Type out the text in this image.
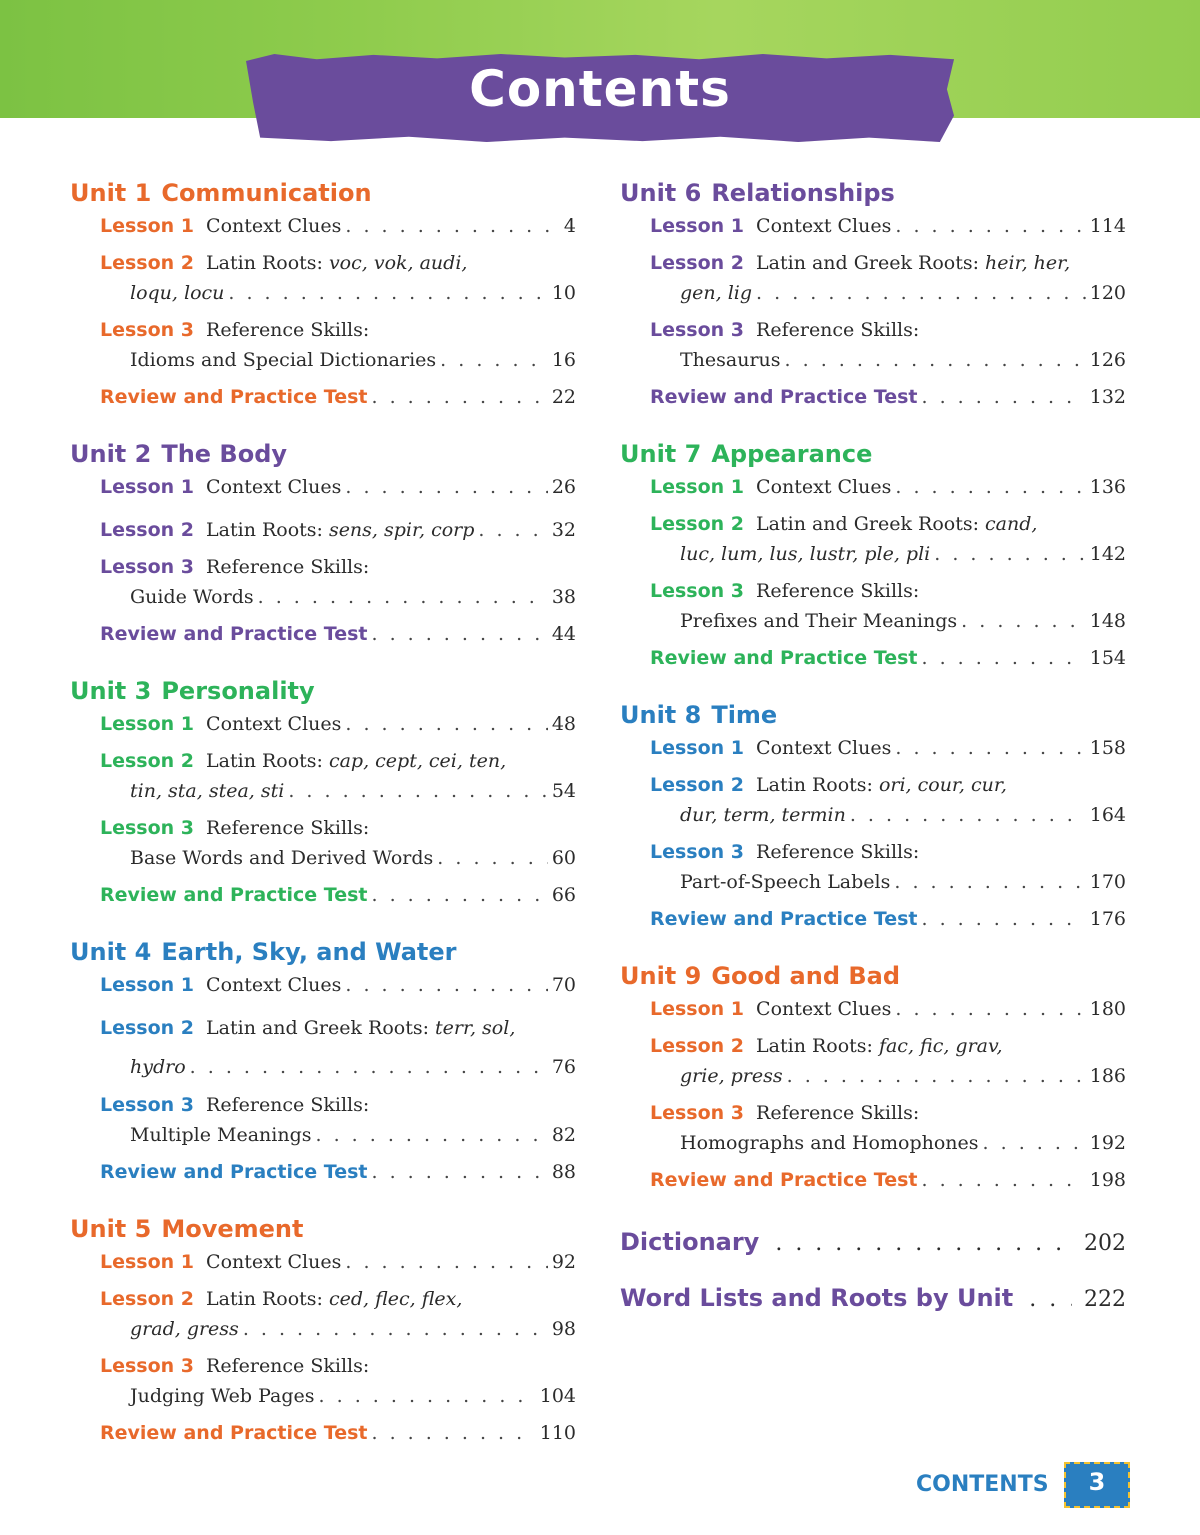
Contents
Unit 1 Communication
Lesson 1 Context Clues . . .	4
Lesson 2 Latin Roots: voc, vok, audi,
loqu, locu . . .	10
Lesson 3 Reference Skills:
Idioms and Special Dictionaries . . .	16
Review and Practice Test . . .	22
Unit 2 The Body
Lesson 1 Context Clues . . .	26
Lesson 2 Latin Roots: sens, spir, corp . . .	32
Lesson 3 Reference Skills:
Guide Words . . .	38
Review and Practice Test . . .	44
Unit 3 Personality
Lesson 1 Context Clues . . .	48
Lesson 2 Latin Roots: cap, cept, cei, ten,
tin, sta, stea, sti . . .	54
Lesson 3 Reference Skills:
Base Words and Derived Words . . .	60
Review and Practice Test . . .	66
Unit 4 Earth, Sky, and Water
Lesson 1 Context Clues . . .	70
Lesson 2 Latin and Greek Roots: terr, sol,
hydro . . .	76
Lesson 3 Reference Skills:
Multiple Meanings . . .	82
Review and Practice Test . . .	88
Unit 5 Movement
Lesson 1 Context Clues . . .	92
Lesson 2 Latin Roots: ced, flec, flex,
grad, gress . . .	98
Lesson 3 Reference Skills:
Judging Web Pages . . .	104
Review and Practice Test . . .	110
Unit 6 Relationships
Lesson 1 Context Clues . . .	114
Lesson 2 Latin and Greek Roots: heir, her,
gen, lig . . .	120
Lesson 3 Reference Skills:
Thesaurus . . .	126
Review and Practice Test . . .	132
Unit 7 Appearance
Lesson 1 Context Clues . . .	136
Lesson 2 Latin and Greek Roots: cand,
luc, lum, lus, lustr, ple, pli . . .	142
Lesson 3 Reference Skills:
Prefixes and Their Meanings . . .	148
Review and Practice Test . . .	154
Unit 8 Time
Lesson 1 Context Clues . . .	158
Lesson 2 Latin Roots: ori, cour, cur,
dur, term, termin . . .	164
Lesson 3 Reference Skills:
Part-of-Speech Labels . . .	170
Review and Practice Test . . .	176
Unit 9 Good and Bad
Lesson 1 Context Clues . . .	180
Lesson 2 Latin Roots: fac, fic, grav,
grie, press . . .	186
Lesson 3 Reference Skills:
Homographs and Homophones . . .	192
Review and Practice Test . . .	198
Dictionary . . .	202
Word Lists and Roots by Unit . . .	222
CONTENTS	3
